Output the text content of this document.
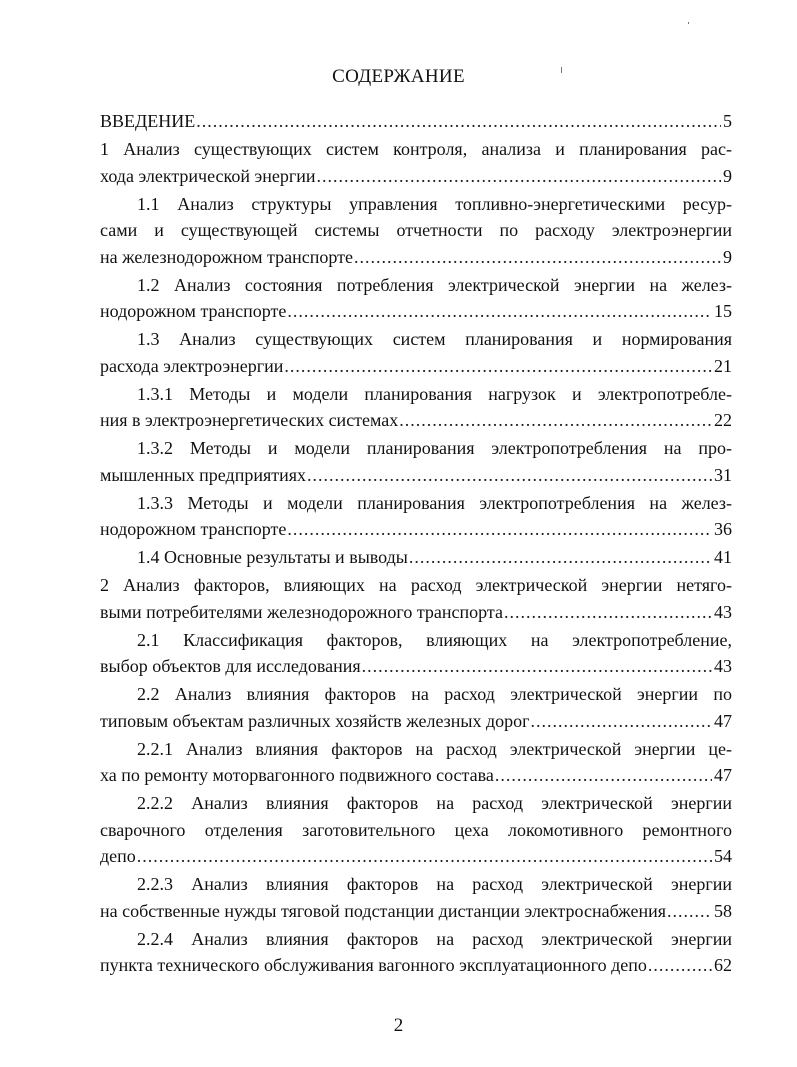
СОДЕРЖАНИЕ
ВВЕДЕНИЕ .....	5
1 Анализ существующих систем контроля, анализа и планирования рас-
хода электрической энергии .....	9
1.1 Анализ структуры управления топливно-энергетическими ресур-
сами и существующей системы отчетности по расходу электроэнергии
на железнодорожном транспорте .....	9
1.2 Анализ состояния потребления электрической энергии на желез-
нодорожном транспорте .....	15
1.3 Анализ существующих систем планирования и нормирования
расхода электроэнергии .....	21
1.3.1 Методы и модели планирования нагрузок и электропотребле-
ния в электроэнергетических системах .....	22
1.3.2 Методы и модели планирования электропотребления на про-
мышленных предприятиях .....	31
1.3.3 Методы и модели планирования электропотребления на желез-
нодорожном транспорте .....	36
1.4 Основные результаты и выводы .....	41
2 Анализ факторов, влияющих на расход электрической энергии нетяго-
выми потребителями железнодорожного транспорта .....	43
2.1 Классификация факторов, влияющих на электропотребление,
выбор объектов для исследования .....	43
2.2 Анализ влияния факторов на расход электрической энергии по
типовым объектам различных хозяйств железных дорог .....	47
2.2.1 Анализ влияния факторов на расход электрической энергии це-
ха по ремонту моторвагонного подвижного состава .....	47
2.2.2 Анализ влияния факторов на расход электрической энергии
сварочного отделения заготовительного цеха локомотивного ремонтного
депо .....	54
2.2.3 Анализ влияния факторов на расход электрической энергии
на собственные нужды тяговой подстанции дистанции электроснабжения .....	58
2.2.4 Анализ влияния факторов на расход электрической энергии
пункта технического обслуживания вагонного эксплуатационного депо .....	62
2
